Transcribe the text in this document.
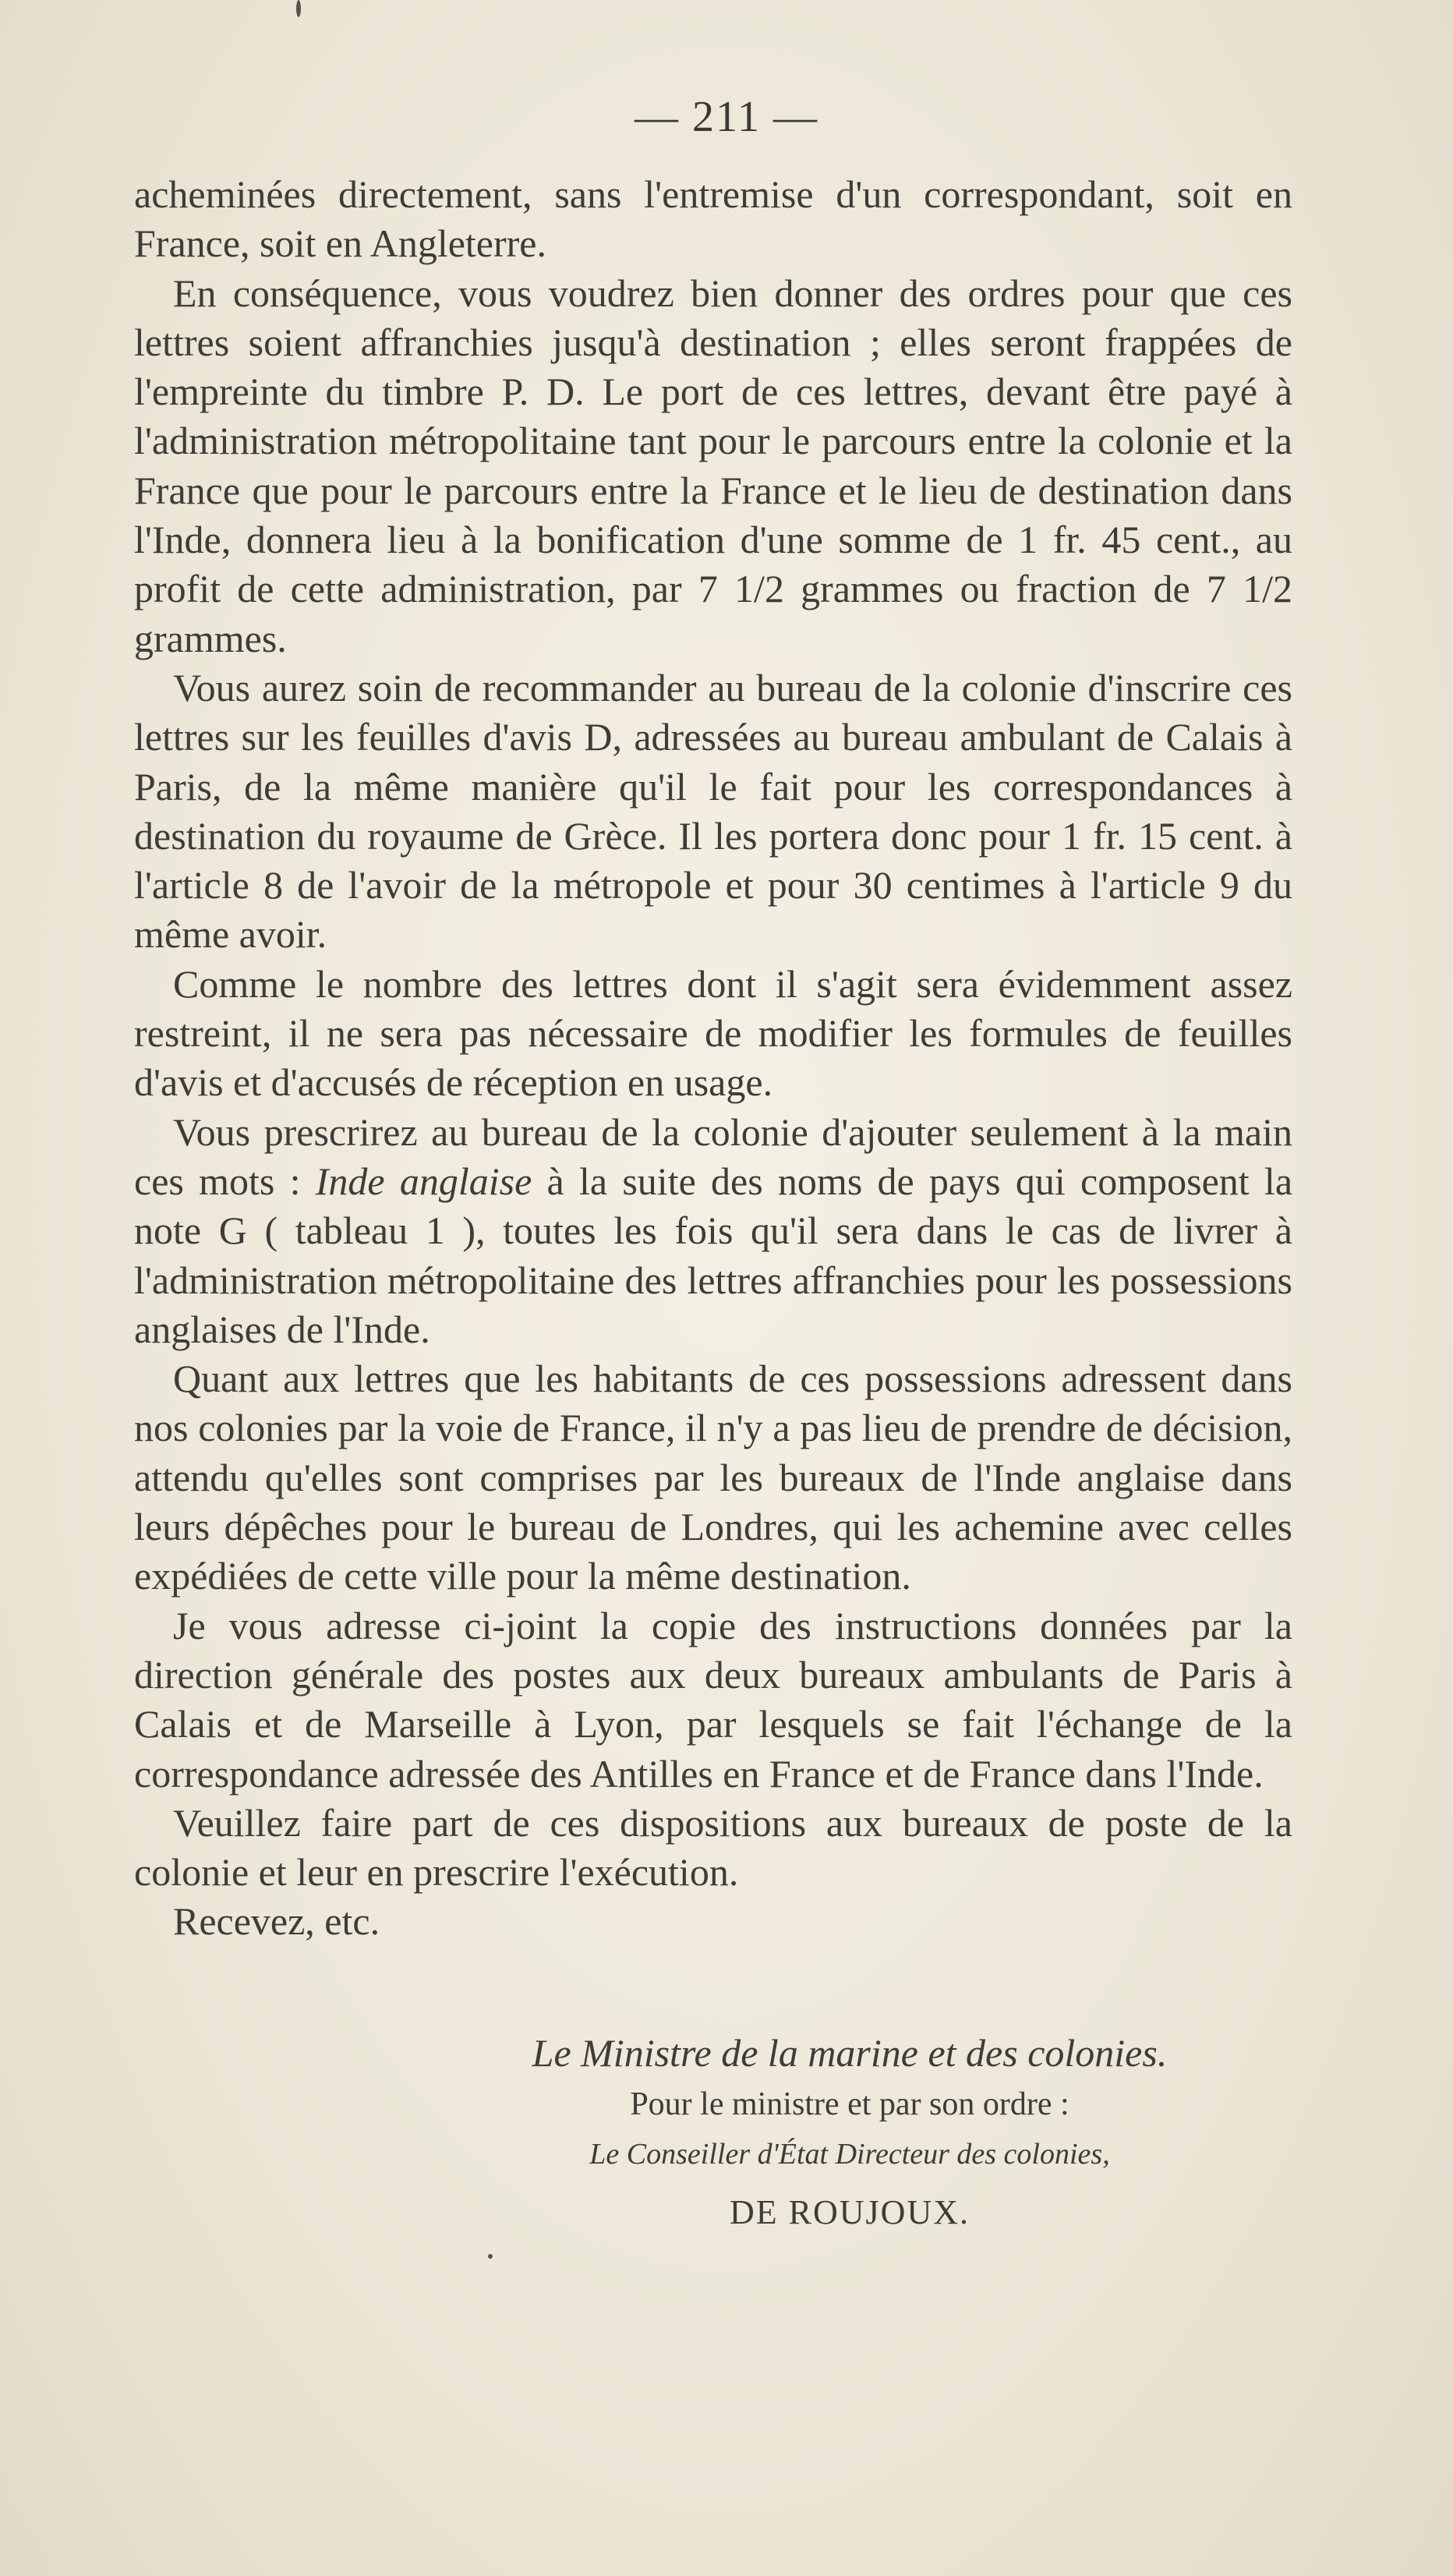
— 211 —

acheminées directement, sans l'entremise d'un correspondant, soit en France, soit en Angleterre.

En conséquence, vous voudrez bien donner des ordres pour que ces lettres soient affranchies jusqu'à destination ; elles seront frappées de l'empreinte du timbre P. D. Le port de ces lettres, devant être payé à l'administration métropolitaine tant pour le parcours entre la colonie et la France que pour le parcours entre la France et le lieu de destination dans l'Inde, donnera lieu à la bonification d'une somme de 1 fr. 45 cent., au profit de cette administration, par 7 1/2 grammes ou fraction de 7 1/2 grammes.

Vous aurez soin de recommander au bureau de la colonie d'inscrire ces lettres sur les feuilles d'avis D, adressées au bureau ambulant de Calais à Paris, de la même manière qu'il le fait pour les correspondances à destination du royaume de Grèce. Il les portera donc pour 1 fr. 15 cent. à l'article 8 de l'avoir de la métropole et pour 30 centimes à l'article 9 du même avoir.

Comme le nombre des lettres dont il s'agit sera évidemment assez restreint, il ne sera pas nécessaire de modifier les formules de feuilles d'avis et d'accusés de réception en usage.

Vous prescrirez au bureau de la colonie d'ajouter seulement à la main ces mots : Inde anglaise à la suite des noms de pays qui composent la note G ( tableau 1 ), toutes les fois qu'il sera dans le cas de livrer à l'administration métropolitaine des lettres affranchies pour les possessions anglaises de l'Inde.

Quant aux lettres que les habitants de ces possessions adressent dans nos colonies par la voie de France, il n'y a pas lieu de prendre de décision, attendu qu'elles sont comprises par les bureaux de l'Inde anglaise dans leurs dépêches pour le bureau de Londres, qui les achemine avec celles expédiées de cette ville pour la même destination.

Je vous adresse ci-joint la copie des instructions données par la direction générale des postes aux deux bureaux ambulants de Paris à Calais et de Marseille à Lyon, par lesquels se fait l'échange de la correspondance adressée des Antilles en France et de France dans l'Inde.

Veuillez faire part de ces dispositions aux bureaux de poste de la colonie et leur en prescrire l'exécution.

Recevez, etc.

Le Ministre de la marine et des colonies.
Pour le ministre et par son ordre :
Le Conseiller d'État Directeur des colonies,
DE ROUJOUX.
